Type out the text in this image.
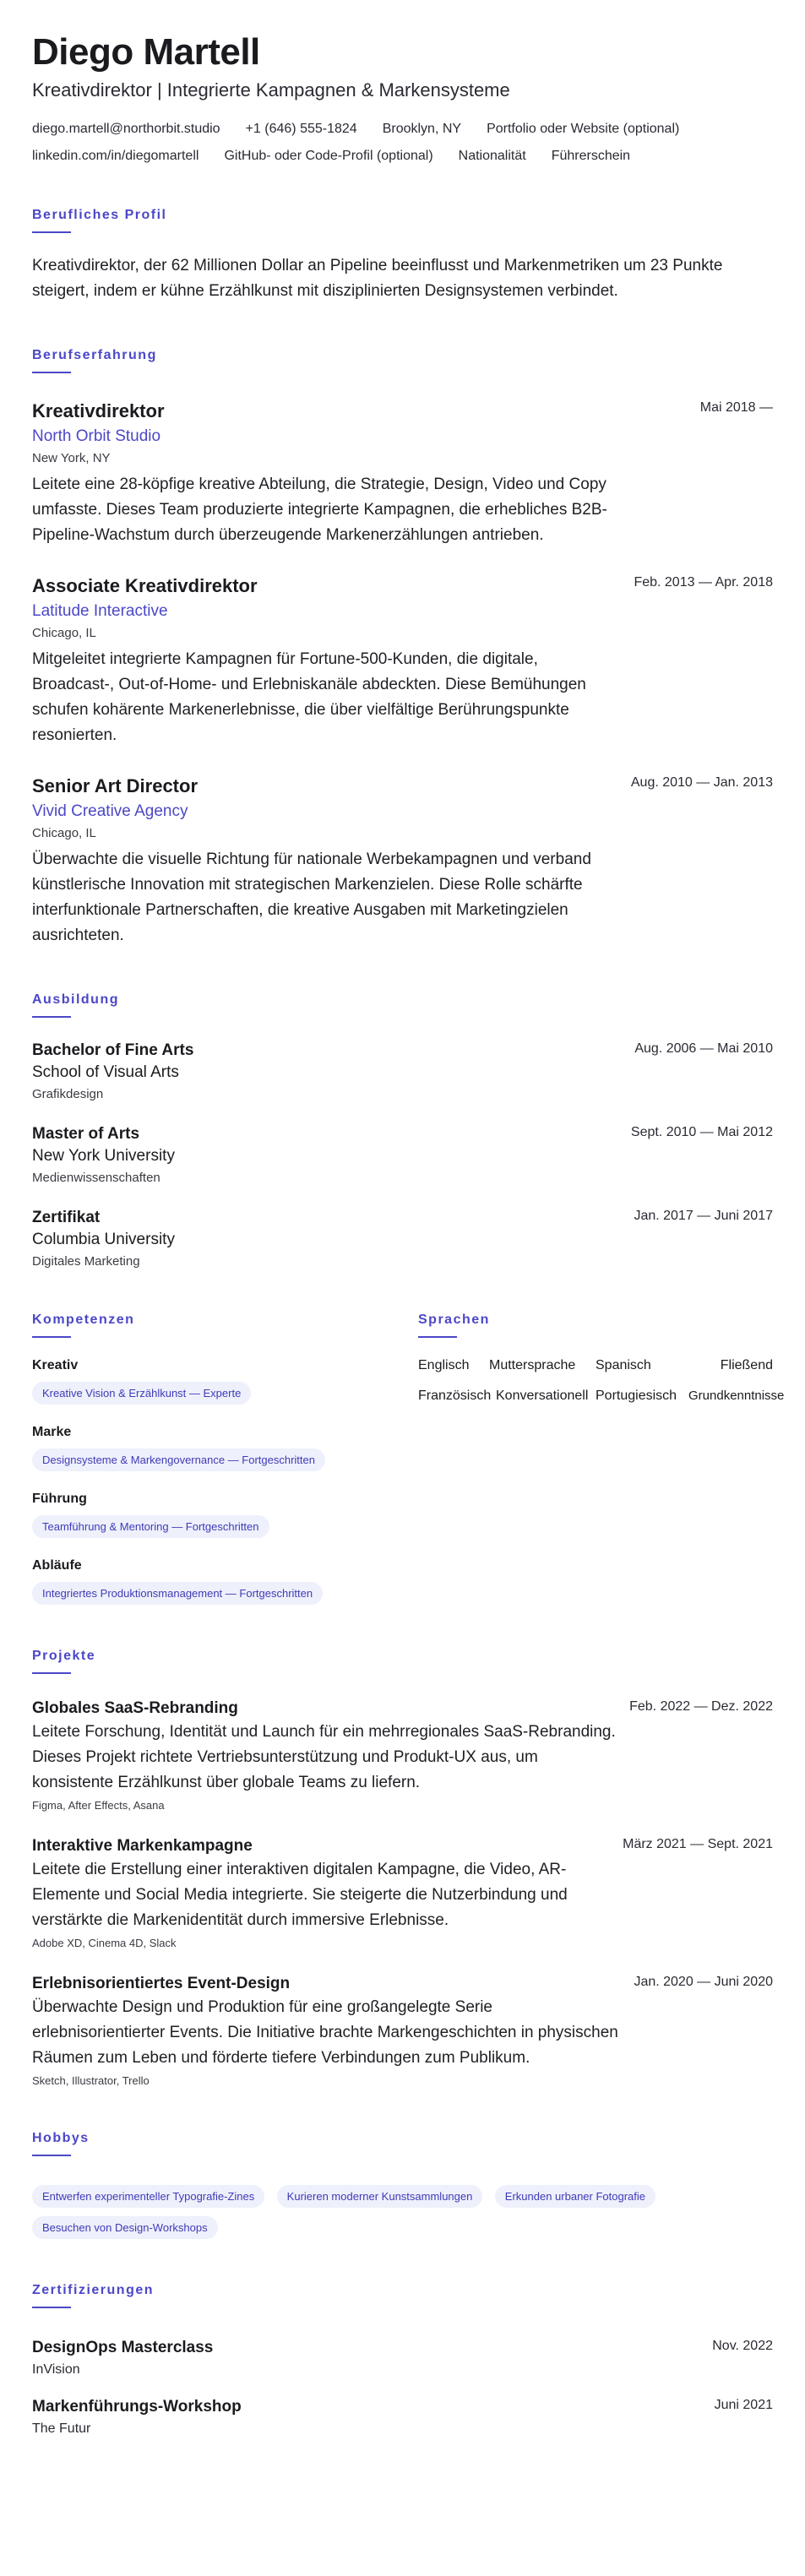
Diego Martell
Kreativdirektor | Integrierte Kampagnen & Markensysteme
diego.martell@northorbit.studio +1 (646) 555-1824 Brooklyn, NY Portfolio oder Website (optional)
linkedin.com/in/diegomartell GitHub- oder Code-Profil (optional) Nationalität Führerschein
Berufliches Profil

Kreativdirektor, der 62 Millionen Dollar an Pipeline beeinflusst und Markenmetriken um 23 Punkte steigert, indem er kühne Erzählkunst mit disziplinierten Designsystemen verbindet.

Berufserfahrung
Kreativdirektor	Mai 2018 —
North Orbit Studio
New York, NY

Leitete eine 28-köpfige kreative Abteilung, die Strategie, Design, Video und Copy umfasste. Dieses Team produzierte integrierte Kampagnen, die erhebliches B2B-Pipeline-Wachstum durch überzeugende Markenerzählungen antrieben.

Associate Kreativdirektor	Feb. 2013 — Apr. 2018
Latitude Interactive
Chicago, IL

Mitgeleitet integrierte Kampagnen für Fortune-500-Kunden, die digitale, Broadcast-, Out-of-Home- und Erlebniskanäle abdeckten. Diese Bemühungen schufen kohärente Markenerlebnisse, die über vielfältige Berührungspunkte resonierten.

Senior Art Director	Aug. 2010 — Jan. 2013
Vivid Creative Agency
Chicago, IL

Überwachte die visuelle Richtung für nationale Werbekampagnen und verband künstlerische Innovation mit strategischen Markenzielen. Diese Rolle schärfte interfunktionale Partnerschaften, die kreative Ausgaben mit Marketingzielen ausrichteten.

Ausbildung
Bachelor of Fine Arts	Aug. 2006 — Mai 2010
School of Visual Arts
Grafikdesign
Master of Arts	Sept. 2010 — Mai 2012
New York University
Medienwissenschaften
Zertifikat	Jan. 2017 — Juni 2017
Columbia University
Digitales Marketing
Kompetenzen
Kreativ
Kreative Vision & Erzählkunst — Experte
Marke
Designsysteme & Markengovernance — Fortgeschritten
Führung
Teamführung & Mentoring — Fortgeschritten
Abläufe
Integriertes Produktionsmanagement — Fortgeschritten
Sprachen
Englisch	Muttersprache	Spanisch	Fließend
Französisch Konversationell Portugiesisch Grundkenntnisse
Projekte
Globales SaaS-Rebranding	Feb. 2022 — Dez. 2022

Leitete Forschung, Identität und Launch für ein mehrregionales SaaS-Rebranding. Dieses Projekt richtete Vertriebsunterstützung und Produkt-UX aus, um konsistente Erzählkunst über globale Teams zu liefern.

Figma, After Effects, Asana
Interaktive Markenkampagne	März 2021 — Sept. 2021

Leitete die Erstellung einer interaktiven digitalen Kampagne, die Video, AR-Elemente und Social Media integrierte. Sie steigerte die Nutzerbindung und verstärkte die Markenidentität durch immersive Erlebnisse.

Adobe XD, Cinema 4D, Slack
Erlebnisorientiertes Event-Design	Jan. 2020 — Juni 2020

Überwachte Design und Produktion für eine großangelegte Serie erlebnisorientierter Events. Die Initiative brachte Markengeschichten in physischen Räumen zum Leben und förderte tiefere Verbindungen zum Publikum.

Sketch, Illustrator, Trello
Hobbys
Entwerfen experimenteller Typografie-Zines	Kurieren moderner Kunstsammlungen	Erkunden urbaner Fotografie Besuchen von Design-Workshops
Zertifizierungen
DesignOps Masterclass	Nov. 2022
InVision
Markenführungs-Workshop	Juni 2021
The Futur
